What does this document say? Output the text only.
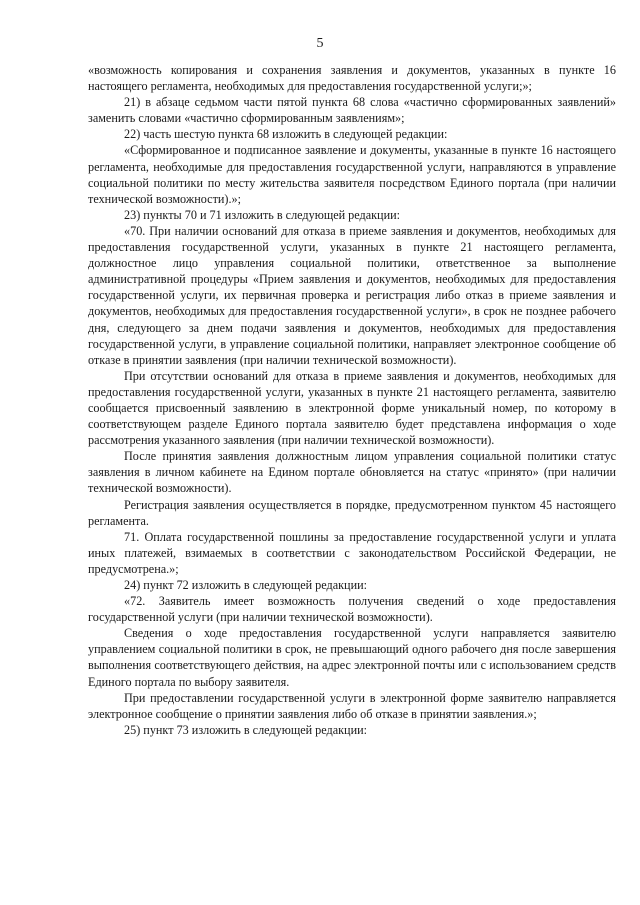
5

«возможность копирования и сохранения заявления и документов, указанных в пункте 16 настоящего регламента, необходимых для предоставления государственной услуги;»;

21) в абзаце седьмом части пятой пункта 68 слова «частично сформированных заявлений» заменить словами «частично сформированным заявлениям»;

22) часть шестую пункта 68 изложить в следующей редакции:

«Сформированное и подписанное заявление и документы, указанные в пункте 16 настоящего регламента, необходимые для предоставления государственной услуги, направляются в управление социальной политики по месту жительства заявителя посредством Единого портала (при наличии технической возможности).»;

23) пункты 70 и 71 изложить в следующей редакции:

«70. При наличии оснований для отказа в приеме заявления и документов, необходимых для предоставления государственной услуги, указанных в пункте 21 настоящего регламента, должностное лицо управления социальной политики, ответственное за выполнение административной процедуры «Прием заявления и документов, необходимых для предоставления государственной услуги, их первичная проверка и регистрация либо отказ в приеме заявления и документов, необходимых для предоставления государственной услуги», в срок не позднее рабочего дня, следующего за днем подачи заявления и документов, необходимых для предоставления государственной услуги, в управление социальной политики, направляет электронное сообщение об отказе в принятии заявления (при наличии технической возможности).

При отсутствии оснований для отказа в приеме заявления и документов, необходимых для предоставления государственной услуги, указанных в пункте 21 настоящего регламента, заявителю сообщается присвоенный заявлению в электронной форме уникальный номер, по которому в соответствующем разделе Единого портала заявителю будет представлена информация о ходе рассмотрения указанного заявления (при наличии технической возможности).

После принятия заявления должностным лицом управления социальной политики статус заявления в личном кабинете на Едином портале обновляется на статус «принято» (при наличии технической возможности).

Регистрация заявления осуществляется в порядке, предусмотренном пунктом 45 настоящего регламента.

71. Оплата государственной пошлины за предоставление государственной услуги и уплата иных платежей, взимаемых в соответствии с законодательством Российской Федерации, не предусмотрена.»;

24) пункт 72 изложить в следующей редакции:

«72. Заявитель имеет возможность получения сведений о ходе предоставления государственной услуги (при наличии технической возможности).

Сведения о ходе предоставления государственной услуги направляется заявителю управлением социальной политики в срок, не превышающий одного рабочего дня после завершения выполнения соответствующего действия, на адрес электронной почты или с использованием средств Единого портала по выбору заявителя.

При предоставлении государственной услуги в электронной форме заявителю направляется электронное сообщение о принятии заявления либо об отказе в принятии заявления.»;

25) пункт 73 изложить в следующей редакции:
